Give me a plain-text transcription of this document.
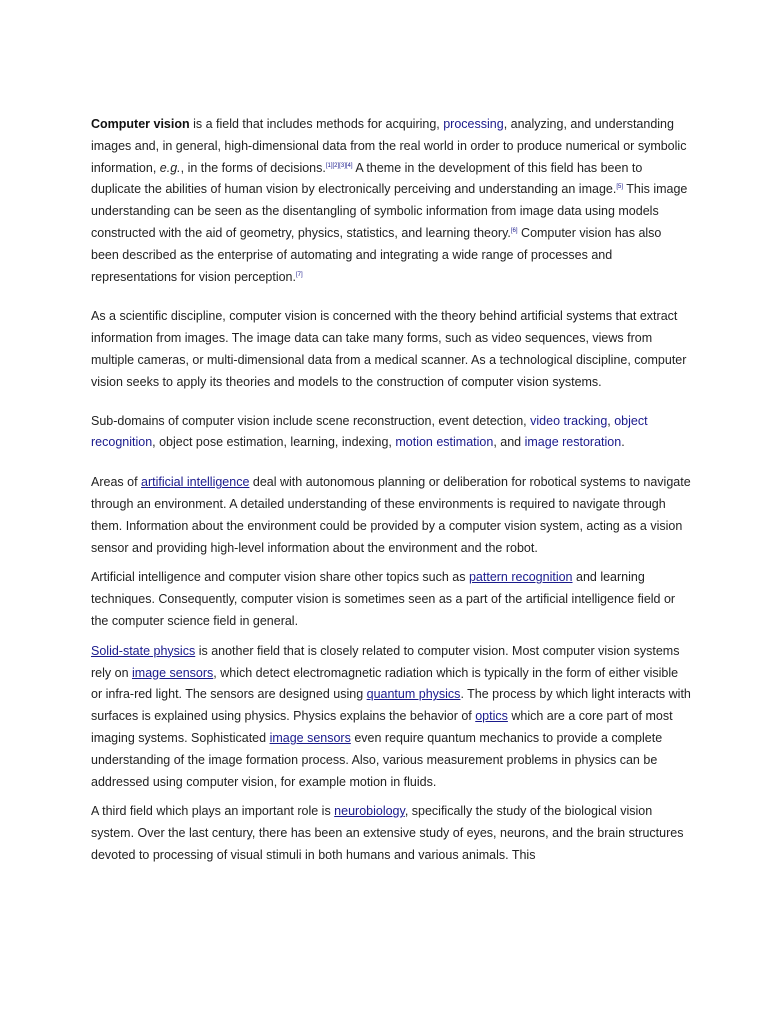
Computer vision is a field that includes methods for acquiring, processing, analyzing, and understanding images and, in general, high-dimensional data from the real world in order to produce numerical or symbolic information, e.g., in the forms of decisions.[1][2][3][4] A theme in the development of this field has been to duplicate the abilities of human vision by electronically perceiving and understanding an image.[5] This image understanding can be seen as the disentangling of symbolic information from image data using models constructed with the aid of geometry, physics, statistics, and learning theory.[6] Computer vision has also been described as the enterprise of automating and integrating a wide range of processes and representations for vision perception.[7]

As a scientific discipline, computer vision is concerned with the theory behind artificial systems that extract information from images. The image data can take many forms, such as video sequences, views from multiple cameras, or multi-dimensional data from a medical scanner. As a technological discipline, computer vision seeks to apply its theories and models to the construction of computer vision systems.

Sub-domains of computer vision include scene reconstruction, event detection, video tracking, object recognition, object pose estimation, learning, indexing, motion estimation, and image restoration.

Areas of artificial intelligence deal with autonomous planning or deliberation for robotical systems to navigate through an environment. A detailed understanding of these environments is required to navigate through them. Information about the environment could be provided by a computer vision system, acting as a vision sensor and providing high-level information about the environment and the robot.

Artificial intelligence and computer vision share other topics such as pattern recognition and learning techniques. Consequently, computer vision is sometimes seen as a part of the artificial intelligence field or the computer science field in general.

Solid-state physics is another field that is closely related to computer vision. Most computer vision systems rely on image sensors, which detect electromagnetic radiation which is typically in the form of either visible or infra-red light. The sensors are designed using quantum physics. The process by which light interacts with surfaces is explained using physics. Physics explains the behavior of optics which are a core part of most imaging systems. Sophisticated image sensors even require quantum mechanics to provide a complete understanding of the image formation process. Also, various measurement problems in physics can be addressed using computer vision, for example motion in fluids.

A third field which plays an important role is neurobiology, specifically the study of the biological vision system. Over the last century, there has been an extensive study of eyes, neurons, and the brain structures devoted to processing of visual stimuli in both humans and various animals. This
